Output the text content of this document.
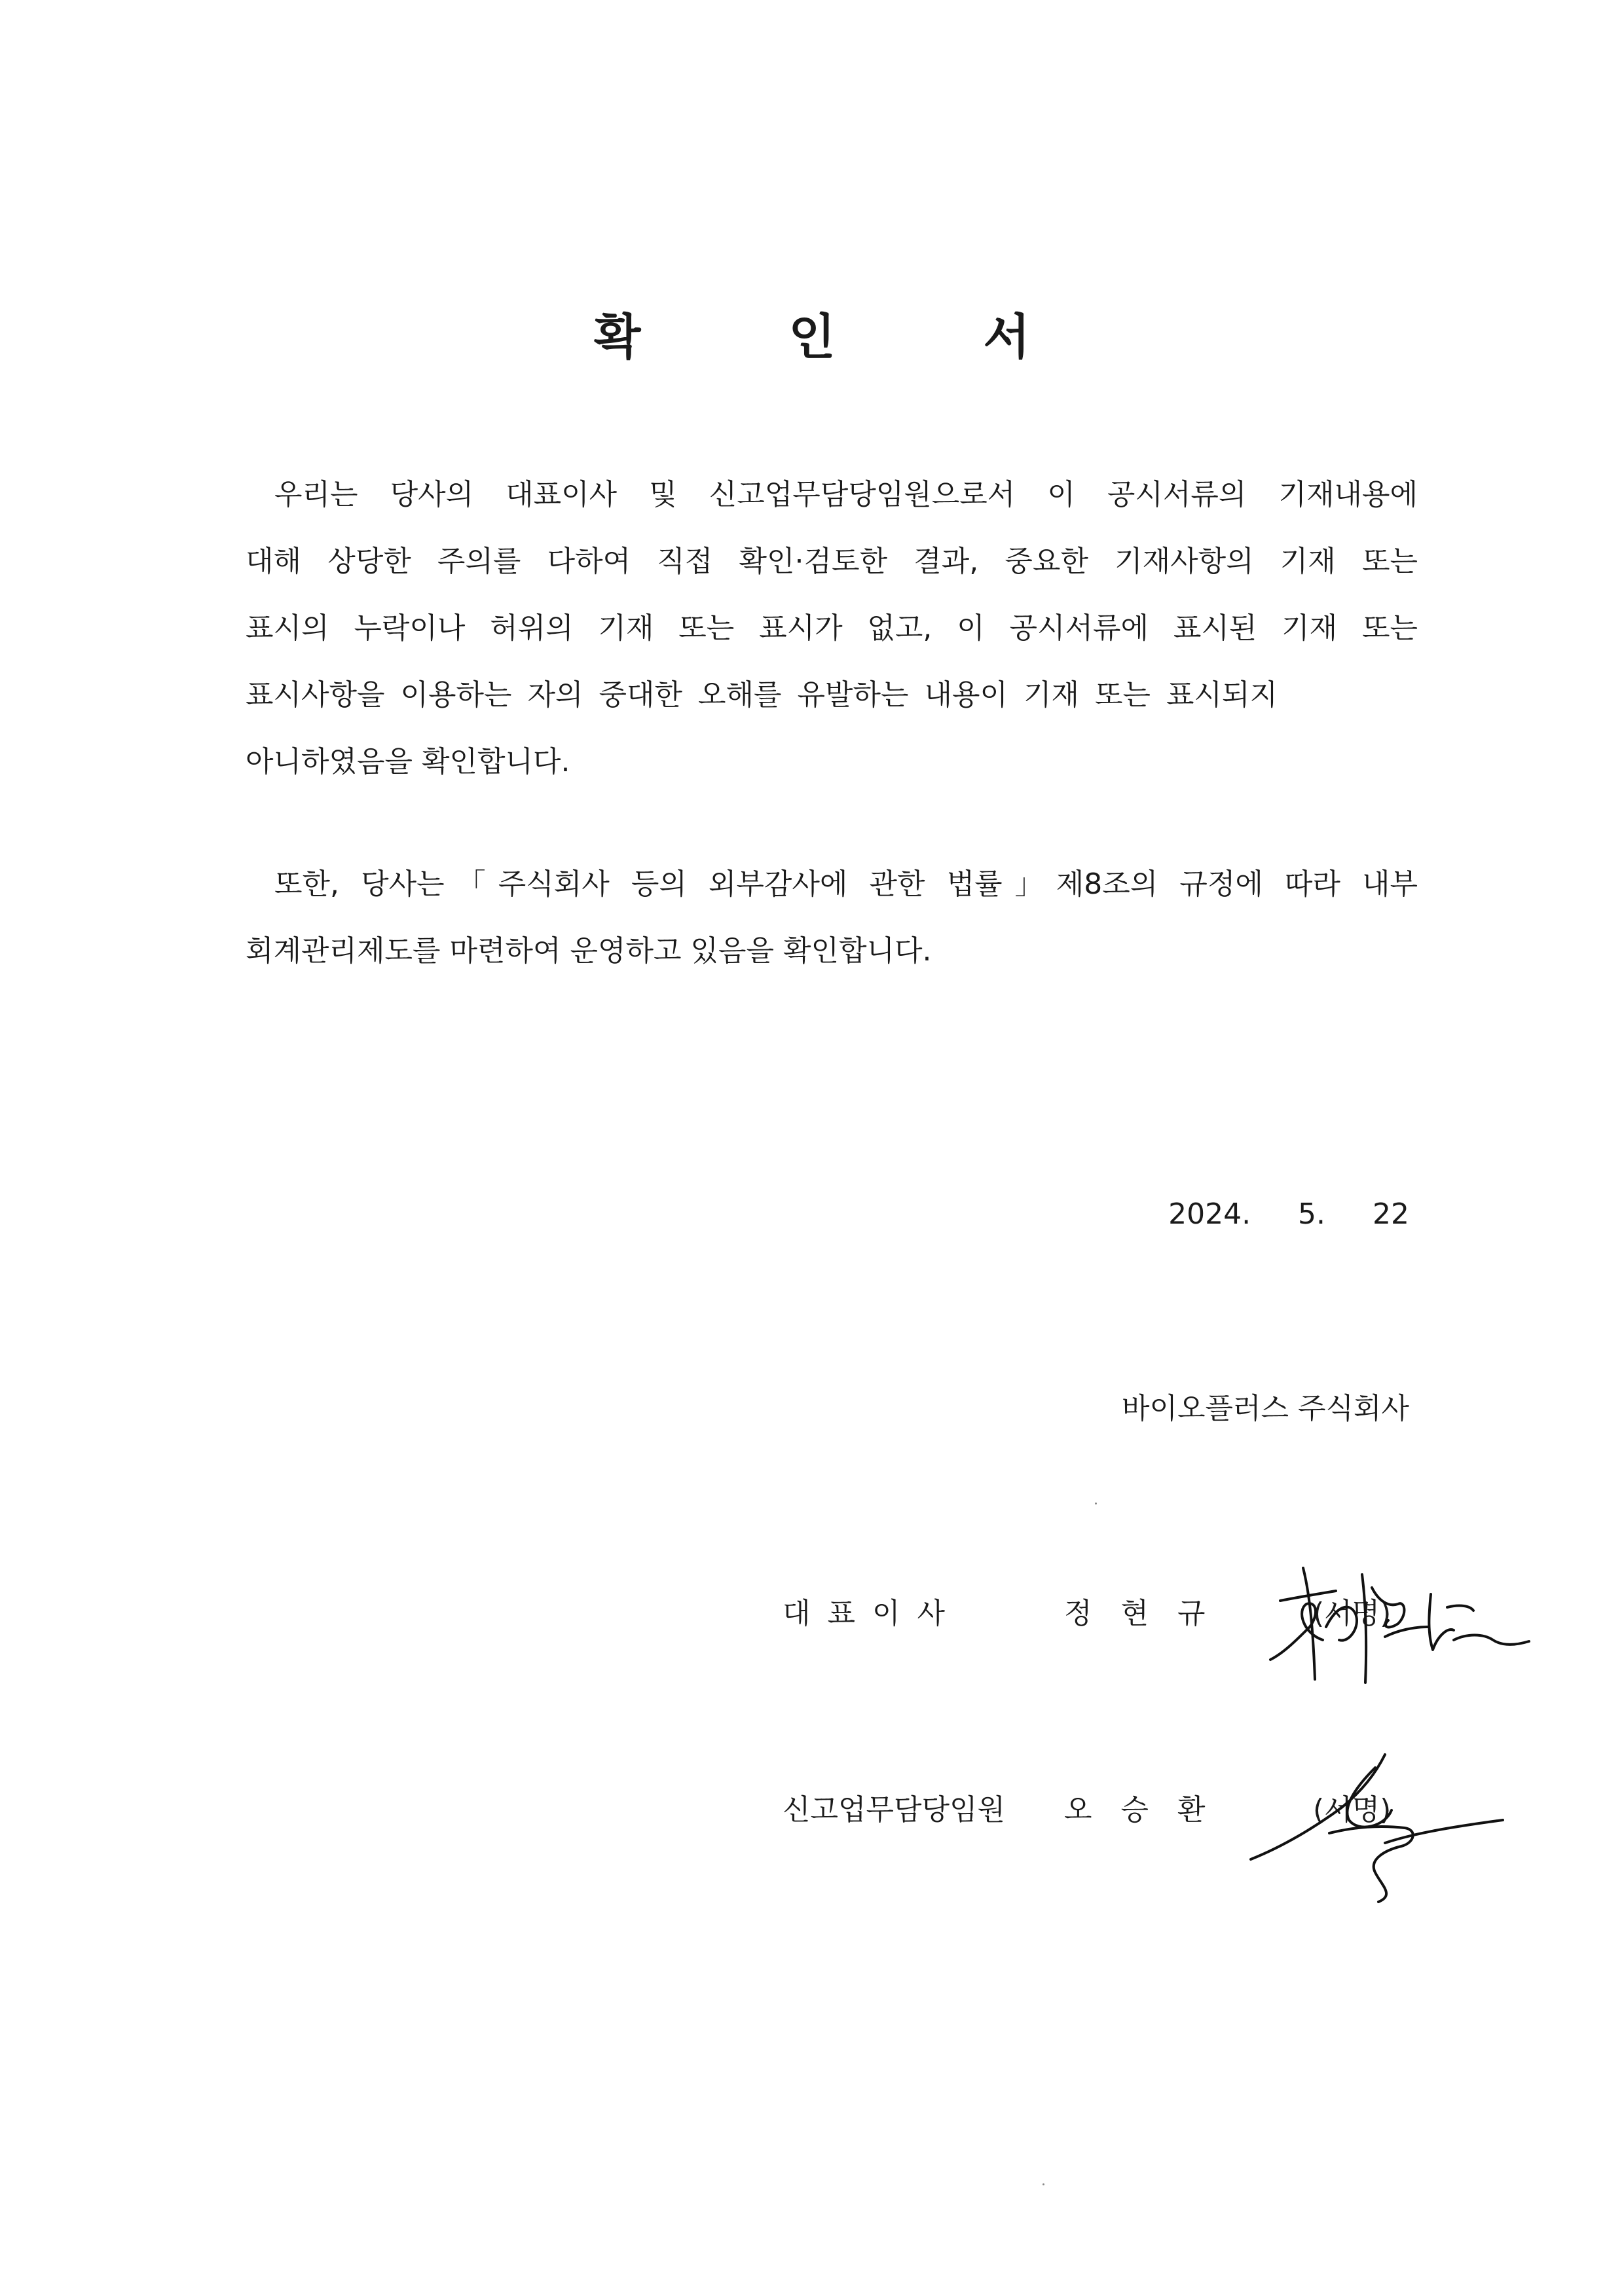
확 인 서
우리는 당사의 대표이사 및 신고업무담당임원으로서 이 공시서류의 기재내용에
대해 상당한 주의를 다하여 직접 확인·검토한 결과, 중요한 기재사항의 기재 또는
표시의 누락이나 허위의 기재 또는 표시가 없고, 이 공시서류에 표시된 기재 또는
표시사항을 이용하는 자의 중대한 오해를 유발하는 내용이 기재 또는 표시되지
아니하였음을 확인합니다.
또한, 당사는「주식회사 등의 외부감사에 관한 법률」제8조의 규정에 따라 내부
회계관리제도를 마련하여 운영하고 있음을 확인합니다.
2024.  5.  22
바이오플러스 주식회사
대표이사	정현규	(서명)
신고업무담당임원	오승환	(서명)
